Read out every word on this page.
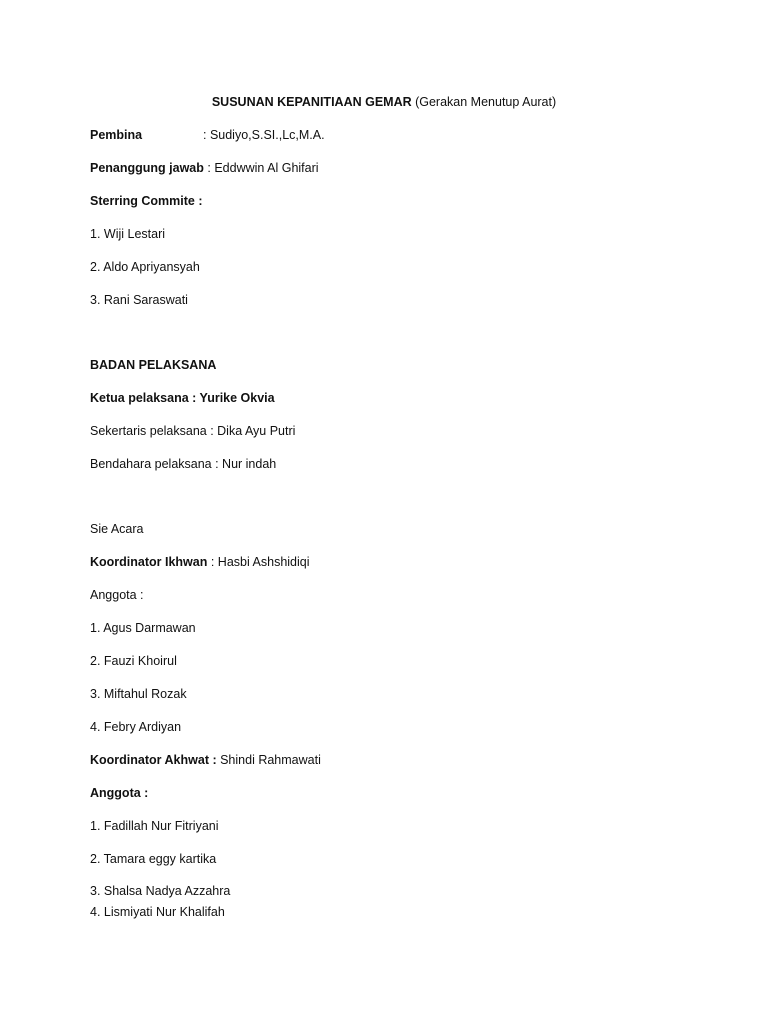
SUSUNAN KEPANITIAAN GEMAR (Gerakan Menutup Aurat)
Pembina	: Sudiyo,S.SI.,Lc,M.A.
Penanggung jawab : Eddwwin Al Ghifari
Sterring Commite :
1. Wiji Lestari
2. Aldo Apriyansyah
3. Rani Saraswati
BADAN PELAKSANA
Ketua pelaksana : Yurike Okvia
Sekertaris pelaksana : Dika Ayu Putri
Bendahara pelaksana : Nur indah
Sie Acara
Koordinator Ikhwan : Hasbi Ashshidiqi
Anggota :
1. Agus Darmawan
2. Fauzi Khoirul
3. Miftahul Rozak
4. Febry Ardiyan
Koordinator Akhwat : Shindi Rahmawati
Anggota :
1. Fadillah Nur Fitriyani
2. Tamara eggy kartika
3. Shalsa Nadya Azzahra
4. Lismiyati Nur Khalifah
